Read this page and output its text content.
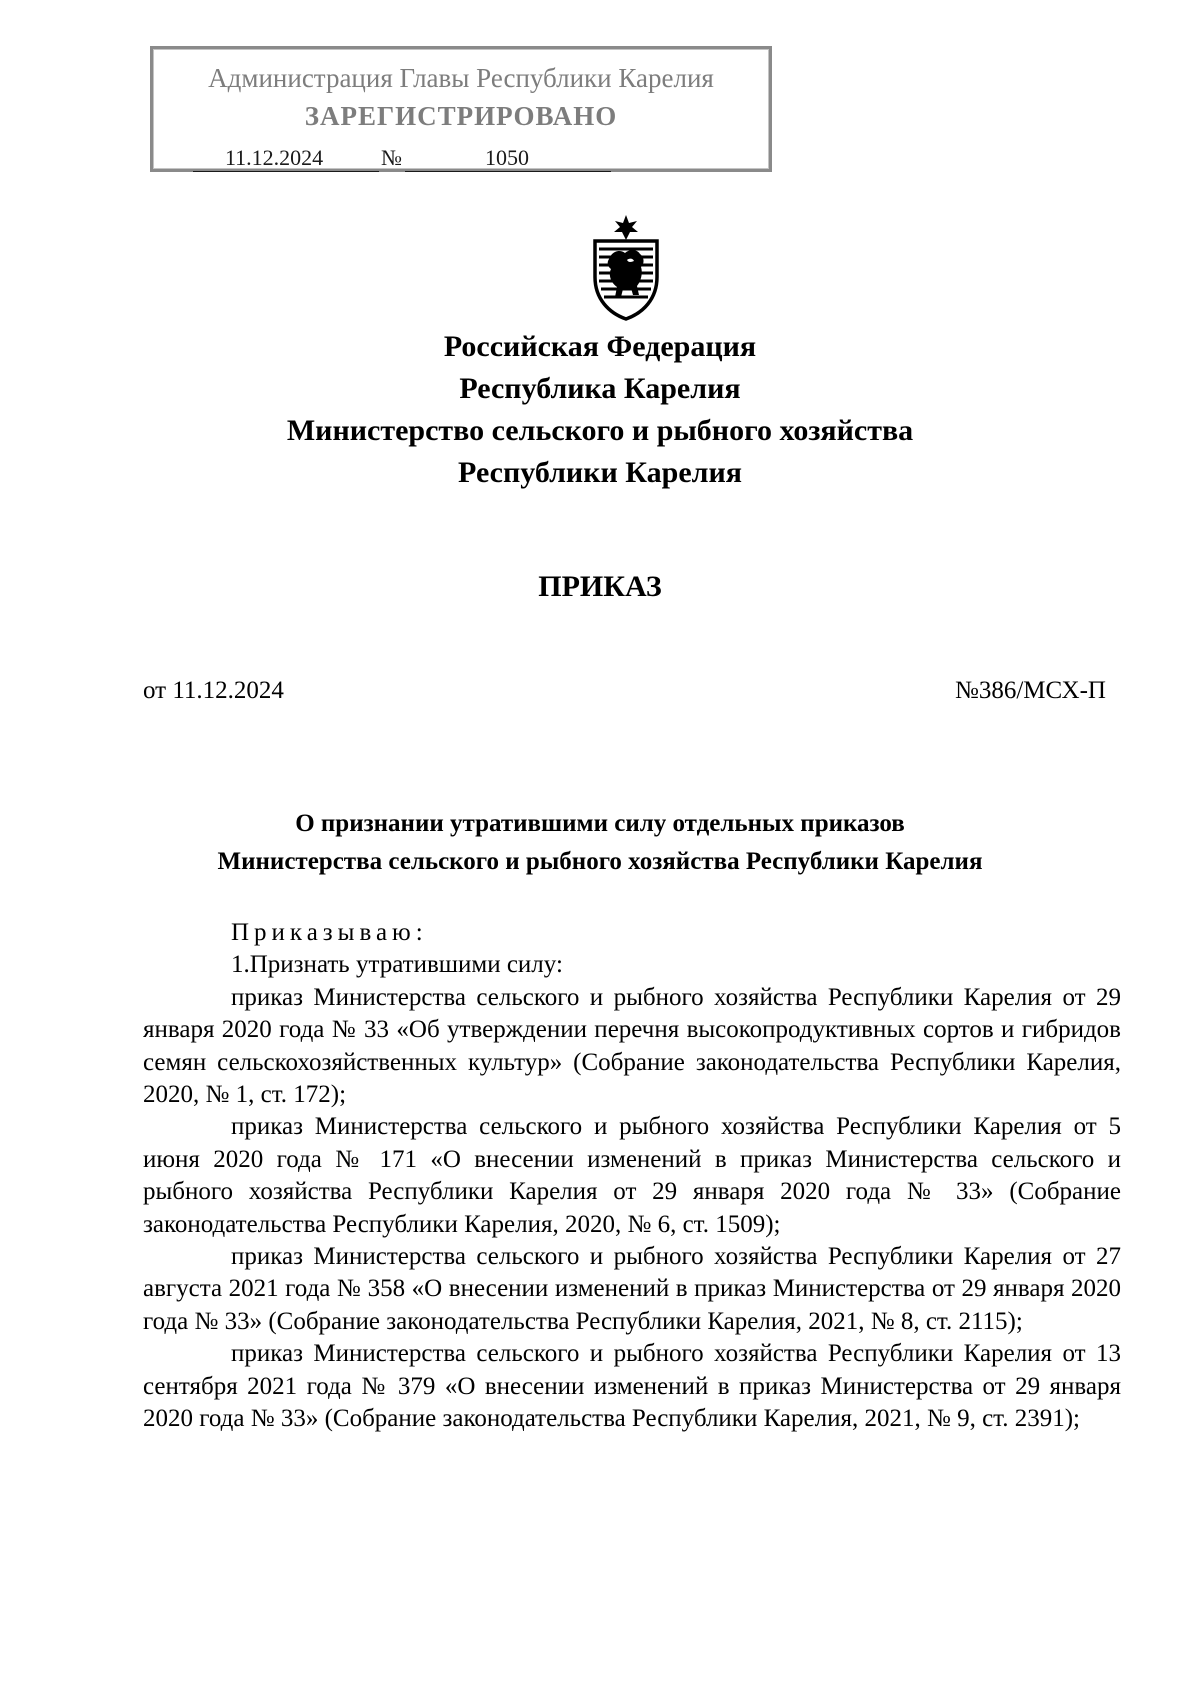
Администрация Главы Республики Карелия
ЗАРЕГИСТРИРОВАНО
11.12.2024	№	1050
Российская Федерация
Республика Карелия
Министерство сельского и рыбного хозяйства
Республики Карелия
ПРИКАЗ
от 11.12.2024	№386/МСХ-П
О признании утратившими силу отдельных приказов
Министерства сельского и рыбного хозяйства Республики Карелия

Приказываю:

1.Признать утратившими силу:

приказ Министерства сельского и рыбного хозяйства Республики Карелия от 29 января 2020 года № 33 «Об утверждении перечня высокопродуктивных сортов и гибридов семян сельскохозяйственных культур» (Собрание законодательства Республики Карелия, 2020, № 1, ст. 172);

приказ Министерства сельского и рыбного хозяйства Республики Карелия от 5 июня 2020 года № 171 «О внесении изменений в приказ Министерства сельского и рыбного хозяйства Республики Карелия от 29 января 2020 года № 33» (Собрание законодательства Республики Карелия, 2020, № 6, ст. 1509);

приказ Министерства сельского и рыбного хозяйства Республики Карелия от 27 августа 2021 года № 358 «О внесении изменений в приказ Министерства от 29 января 2020 года № 33» (Собрание законодательства Республики Карелия, 2021, № 8, ст. 2115);

приказ Министерства сельского и рыбного хозяйства Республики Карелия от 13 сентября 2021 года № 379 «О внесении изменений в приказ Министерства от 29 января 2020 года № 33» (Собрание законодательства Республики Карелия, 2021, № 9, ст. 2391);
